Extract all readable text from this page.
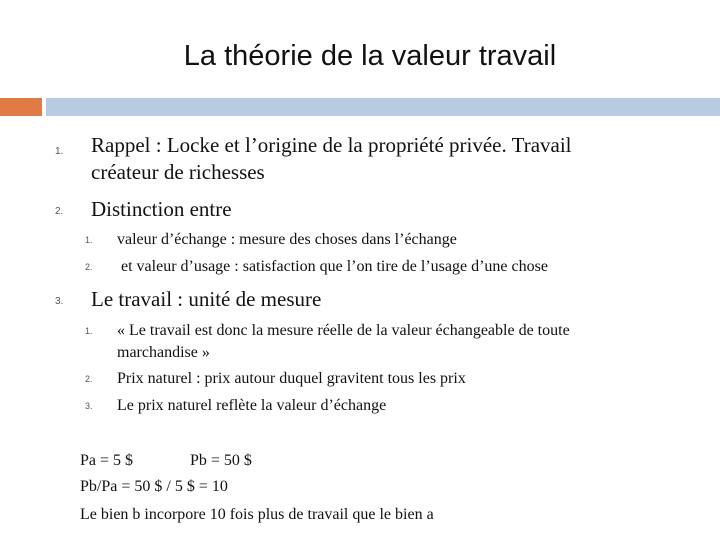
La théorie de la valeur travail
1. Rappel : Locke et l’origine de la propriété privée. Travail
créateur de richesses
2. Distinction entre
1. valeur d’échange : mesure des choses dans l’échange
2. et valeur d’usage : satisfaction que l’on tire de l’usage d’une chose
3. Le travail : unité de mesure
1. « Le travail est donc la mesure réelle de la valeur échangeable de toute
marchandise »
2. Prix naturel : prix autour duquel gravitent tous les prix
3. Le prix naturel reflète la valeur d’échange
Pa = 5 $	Pb = 50 $
Pb/Pa = 50 $ / 5 $ = 10
Le bien b incorpore 10 fois plus de travail que le bien a
